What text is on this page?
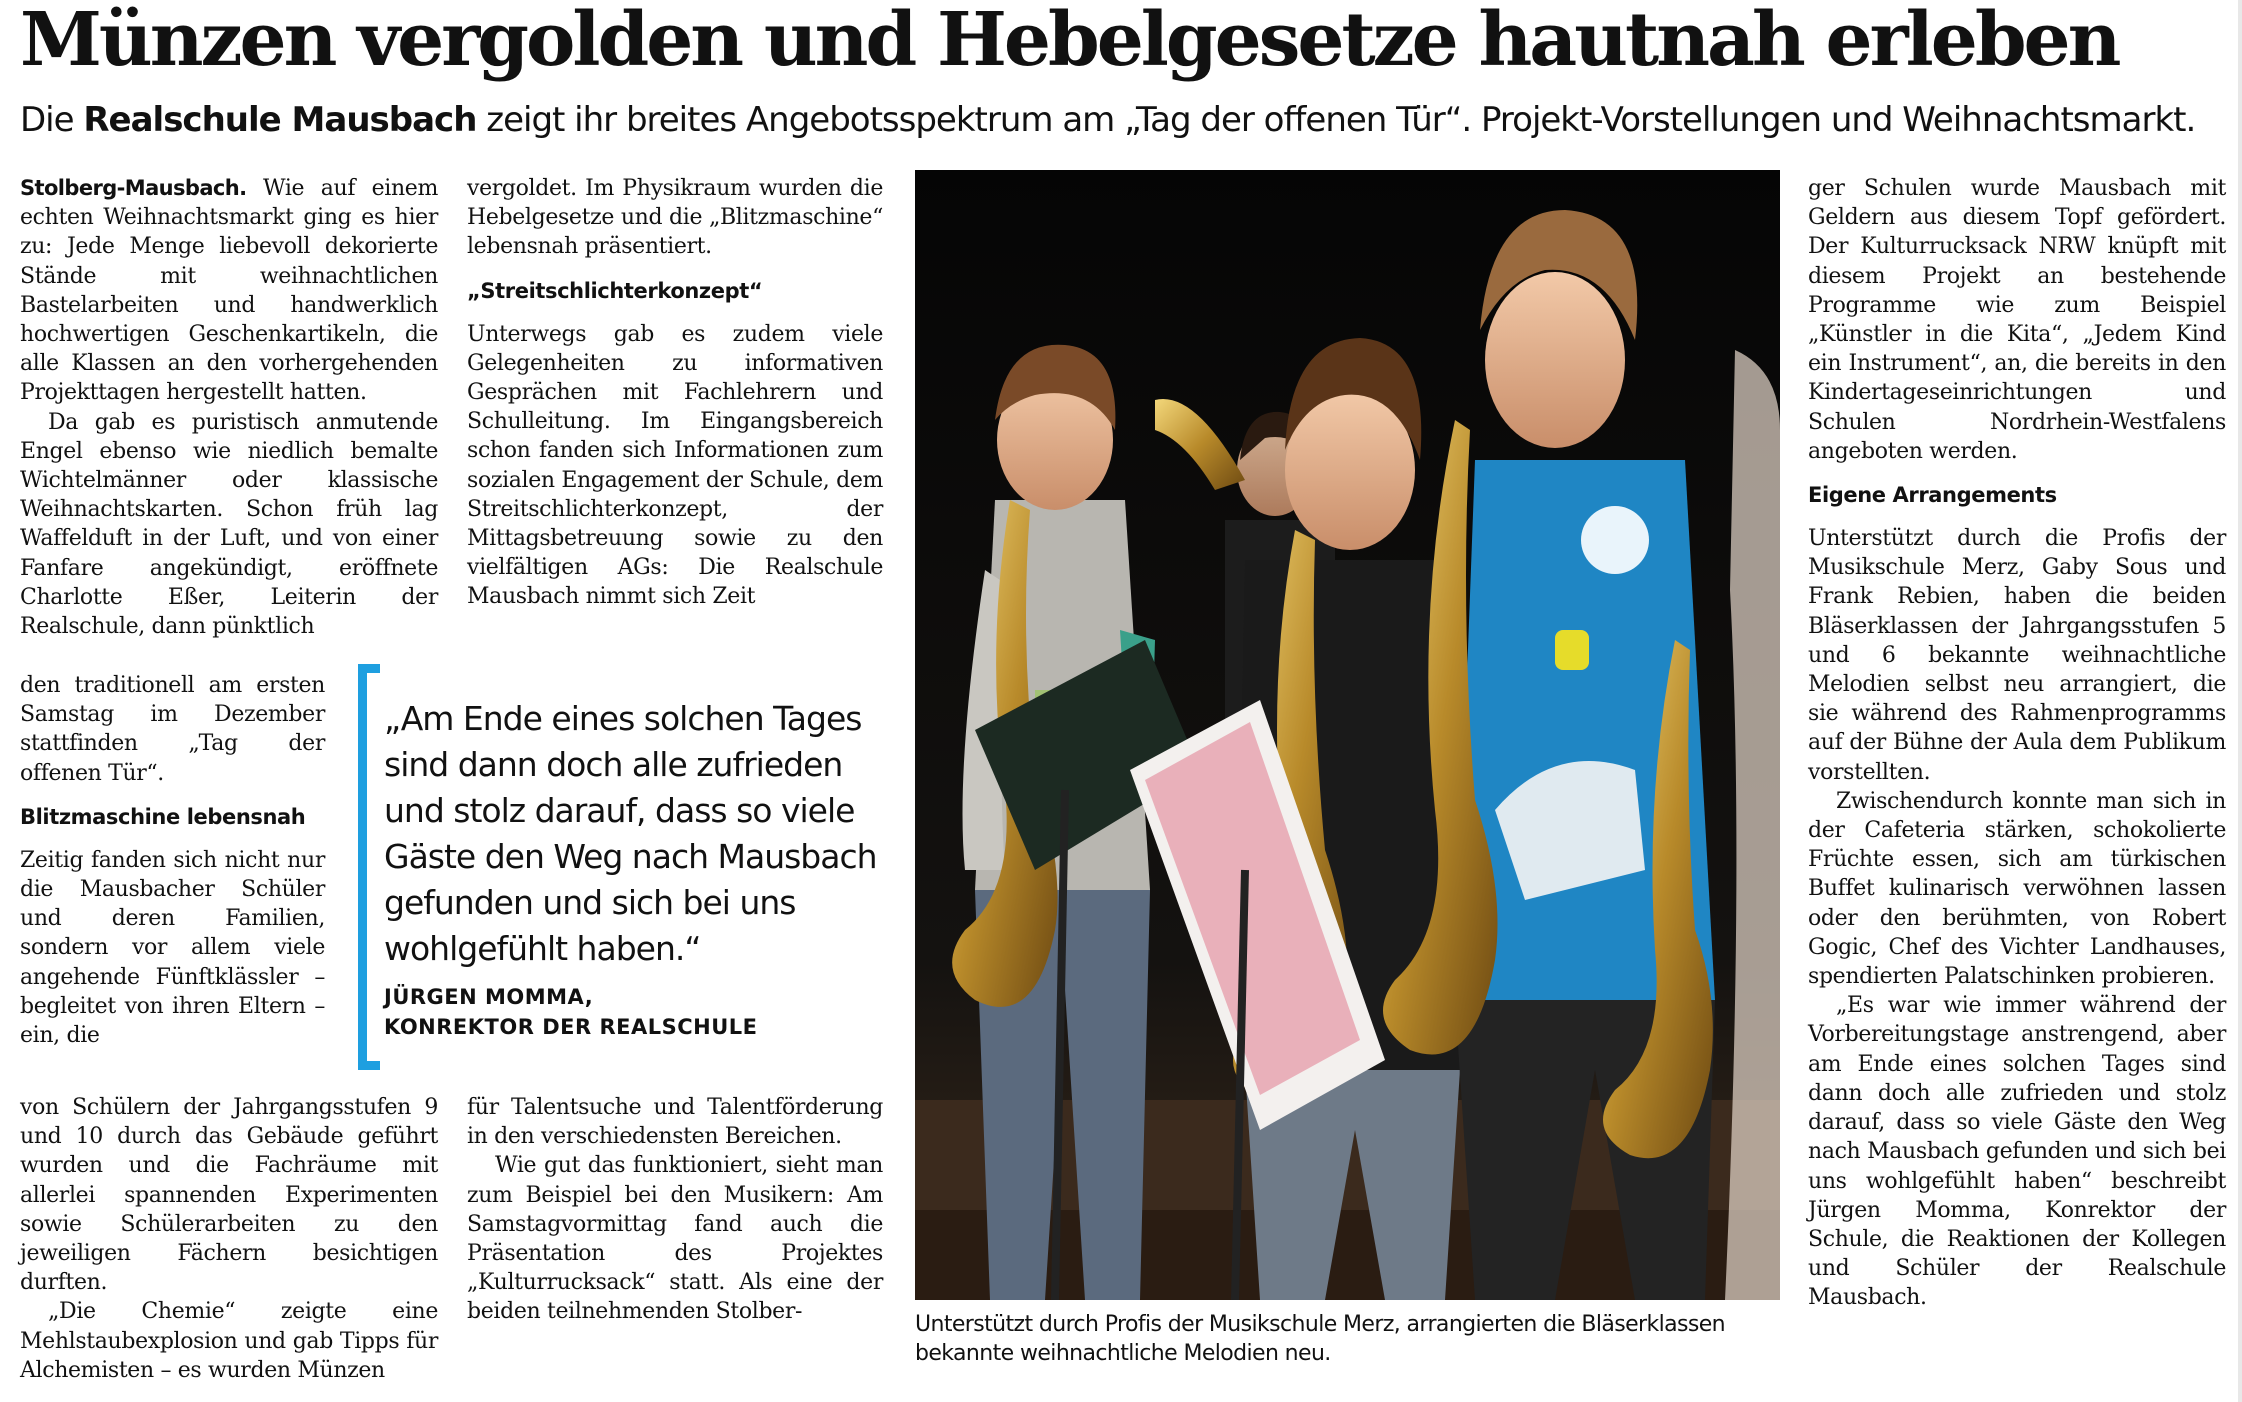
Münzen vergolden und Hebelgesetze hautnah erleben
Die Realschule Mausbach zeigt ihr breites Angebotsspektrum am „Tag der offenen Tür“. Projekt-Vorstellungen und Weihnachtsmarkt.

Stolberg-Mausbach. Wie auf einem echten Weihnachtsmarkt ging es hier zu: Jede Menge liebevoll dekorierte Stände mit weihnachtlichen Bastelarbeiten und handwerklich hochwertigen Geschenkartikeln, die alle Klassen an den vorhergehenden Projekttagen hergestellt hatten.

Da gab es puristisch anmutende Engel ebenso wie niedlich bemalte Wichtelmänner oder klassische Weihnachtskarten. Schon früh lag Waffelduft in der Luft, und von einer Fanfare angekündigt, eröffnete Charlotte Eßer, Leiterin der Realschule, dann pünktlich

den traditionell am ersten Samstag im Dezember stattfinden „Tag der offenen Tür“.

Blitzmaschine lebensnah

Zeitig fanden sich nicht nur die Mausbacher Schüler und deren Familien, sondern vor allem viele angehende Fünftklässler – begleitet von ihren Eltern – ein, die

von Schülern der Jahrgangsstufen 9 und 10 durch das Gebäude geführt wurden und die Fachräume mit allerlei spannenden Experimenten sowie Schülerarbeiten zu den jeweiligen Fächern besichtigen durften.

„Die Chemie“ zeigte eine Mehlstaubexplosion und gab Tipps für Alchemisten – es wurden Münzen

vergoldet. Im Physikraum wurden die Hebelgesetze und die „Blitzmaschine“ lebensnah präsentiert.

„Streitschlichterkonzept“

Unterwegs gab es zudem viele Gelegenheiten zu informativen Gesprächen mit Fachlehrern und Schulleitung. Im Eingangsbereich schon fanden sich Informationen zum sozialen Engagement der Schule, dem Streitschlichterkonzept, der Mittagsbetreuung sowie zu den vielfältigen AGs: Die Realschule Mausbach nimmt sich Zeit

für Talentsuche und Talentförderung in den verschiedensten Bereichen.

Wie gut das funktioniert, sieht man zum Beispiel bei den Musikern: Am Samstagvormittag fand auch die Präsentation des Projektes „Kulturrucksack“ statt. Als eine der beiden teilnehmenden Stolber-

„Am Ende eines solchen Tages sind dann doch alle zufrieden und stolz darauf, dass so viele Gäste den Weg nach Mausbach gefunden und sich bei uns wohlgefühlt haben.“
JÜRGEN MOMMA,
KONREKTOR DER REALSCHULE
Unterstützt durch Profis der Musikschule Merz, arrangierten die Bläserklassen bekannte weihnachtliche Melodien neu.

ger Schulen wurde Mausbach mit Geldern aus diesem Topf gefördert. Der Kulturrucksack NRW knüpft mit diesem Projekt an bestehende Programme wie zum Beispiel „Künstler in die Kita“, „Jedem Kind ein Instrument“, an, die bereits in den Kindertageseinrichtungen und Schulen Nordrhein-Westfalens angeboten werden.

Eigene Arrangements

Unterstützt durch die Profis der Musikschule Merz, Gaby Sous und Frank Rebien, haben die beiden Bläserklassen der Jahrgangsstufen 5 und 6 bekannte weihnachtliche Melodien selbst neu arrangiert, die sie während des Rahmenprogramms auf der Bühne der Aula dem Publikum vorstellten.

Zwischendurch konnte man sich in der Cafeteria stärken, schokolierte Früchte essen, sich am türkischen Buffet kulinarisch verwöhnen lassen oder den berühmten, von Robert Gogic, Chef des Vichter Landhauses, spendierten Palatschinken probieren.

„Es war wie immer während der Vorbereitungstage anstrengend, aber am Ende eines solchen Tages sind dann doch alle zufrieden und stolz darauf, dass so viele Gäste den Weg nach Mausbach gefunden und sich bei uns wohlgefühlt haben“ beschreibt Jürgen Momma, Konrektor der Schule, die Reaktionen der Kollegen und Schüler der Realschule Mausbach.
